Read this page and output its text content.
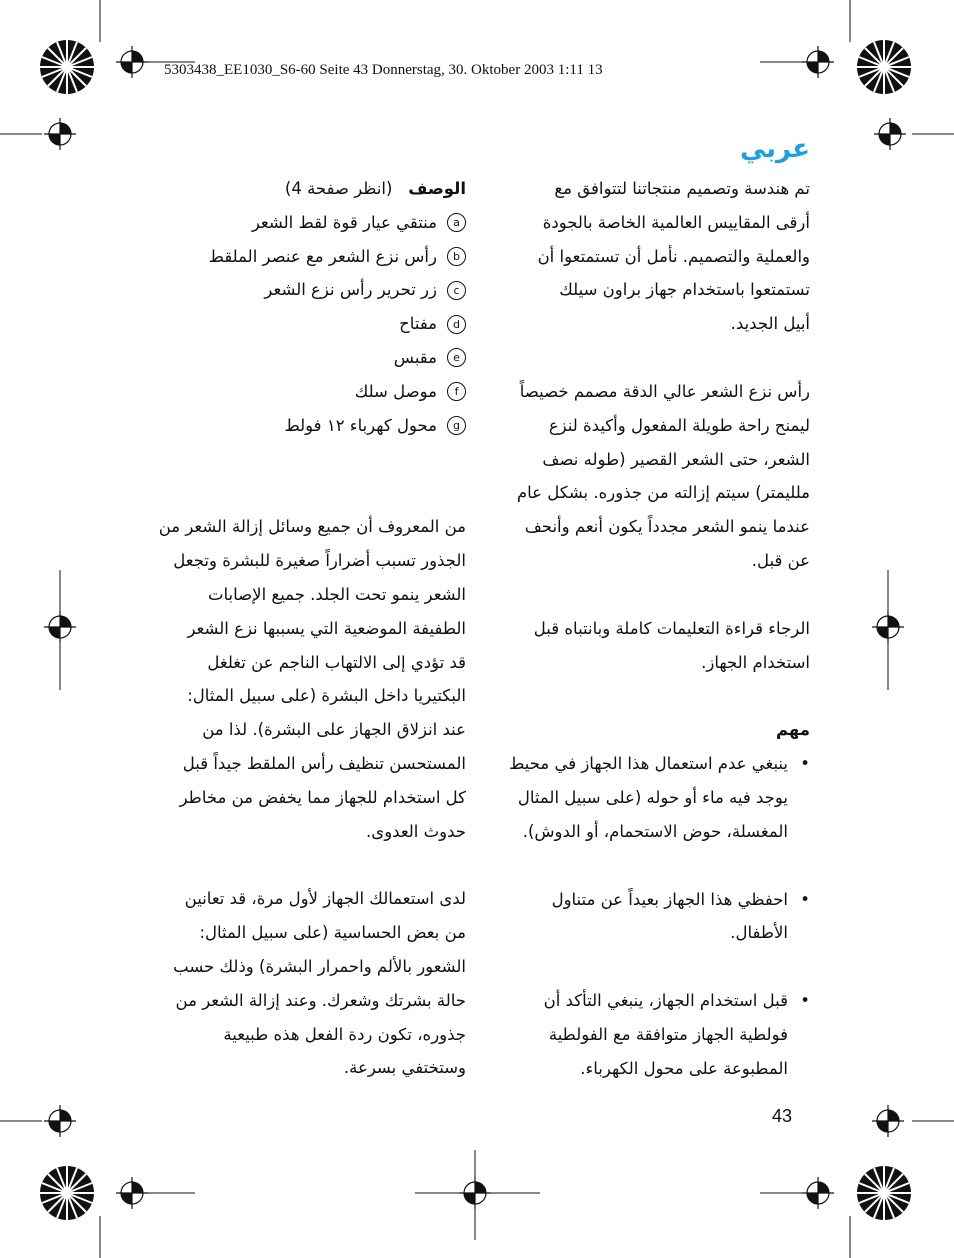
5303438_EE1030_S6-60 Seite 43 Donnerstag, 30. Oktober 2003 1:11 13
عربي

تم هندسة وتصميم منتجاتنا لتتوافق مع
أرقى المقاييس العالمية الخاصة بالجودة
والعملية والتصميم. نأمل أن تستمتعوا أن
تستمتعوا باستخدام جهاز براون سيلك
أبيل الجديد.

رأس نزع الشعر عالي الدقة مصمم خصيصاً
ليمنح راحة طويلة المفعول وأكيدة لنزع
الشعر، حتى الشعر القصير (طوله نصف
ملليمتر) سيتم إزالته من جذوره. بشكل عام
عندما ينمو الشعر مجدداً يكون أنعم وأنحف
عن قبل.

الرجاء قراءة التعليمات كاملة وبانتباه قبل
استخدام الجهاز.

مهم

•
ينبغي عدم استعمال هذا الجهاز في محيط
يوجد فيه ماء أو حوله (على سبيل المثال
المغسلة، حوض الاستحمام، أو الدوش).
•
احفظي هذا الجهاز بعيداً عن متناول
الأطفال.
•
قبل استخدام الجهاز، ينبغي التأكد أن
فولطية الجهاز متوافقة مع الفولطية
المطبوعة على محول الكهرباء.

الوصف   (انظر صفحة 4)

a
منتقي عيار قوة لقط الشعر
b
رأس نزع الشعر مع عنصر الملقط
c
زر تحرير رأس نزع الشعر
d
مفتاح
e
مقبس
f
موصل سلك
g
محول كهرباء ١٢ فولط

من المعروف أن جميع وسائل إزالة الشعر من
الجذور تسبب أضراراً صغيرة للبشرة وتجعل
الشعر ينمو تحت الجلد. جميع الإصابات
الطفيفة الموضعية التي يسببها نزع الشعر
قد تؤدي إلى الالتهاب الناجم عن تغلغل
البكتيريا داخل البشرة (على سبيل المثال:
عند انزلاق الجهاز على البشرة). لذا من
المستحسن تنظيف رأس الملقط جيداً قبل
كل استخدام للجهاز مما يخفض من مخاطر
حدوث العدوى.

لدى استعمالك الجهاز لأول مرة، قد تعانين
من بعض الحساسية (على سبيل المثال:
الشعور بالألم واحمرار البشرة) وذلك حسب
حالة بشرتك وشعرك. وعند إزالة الشعر من
جذوره، تكون ردة الفعل هذه طبيعية
وستختفي بسرعة.

43
